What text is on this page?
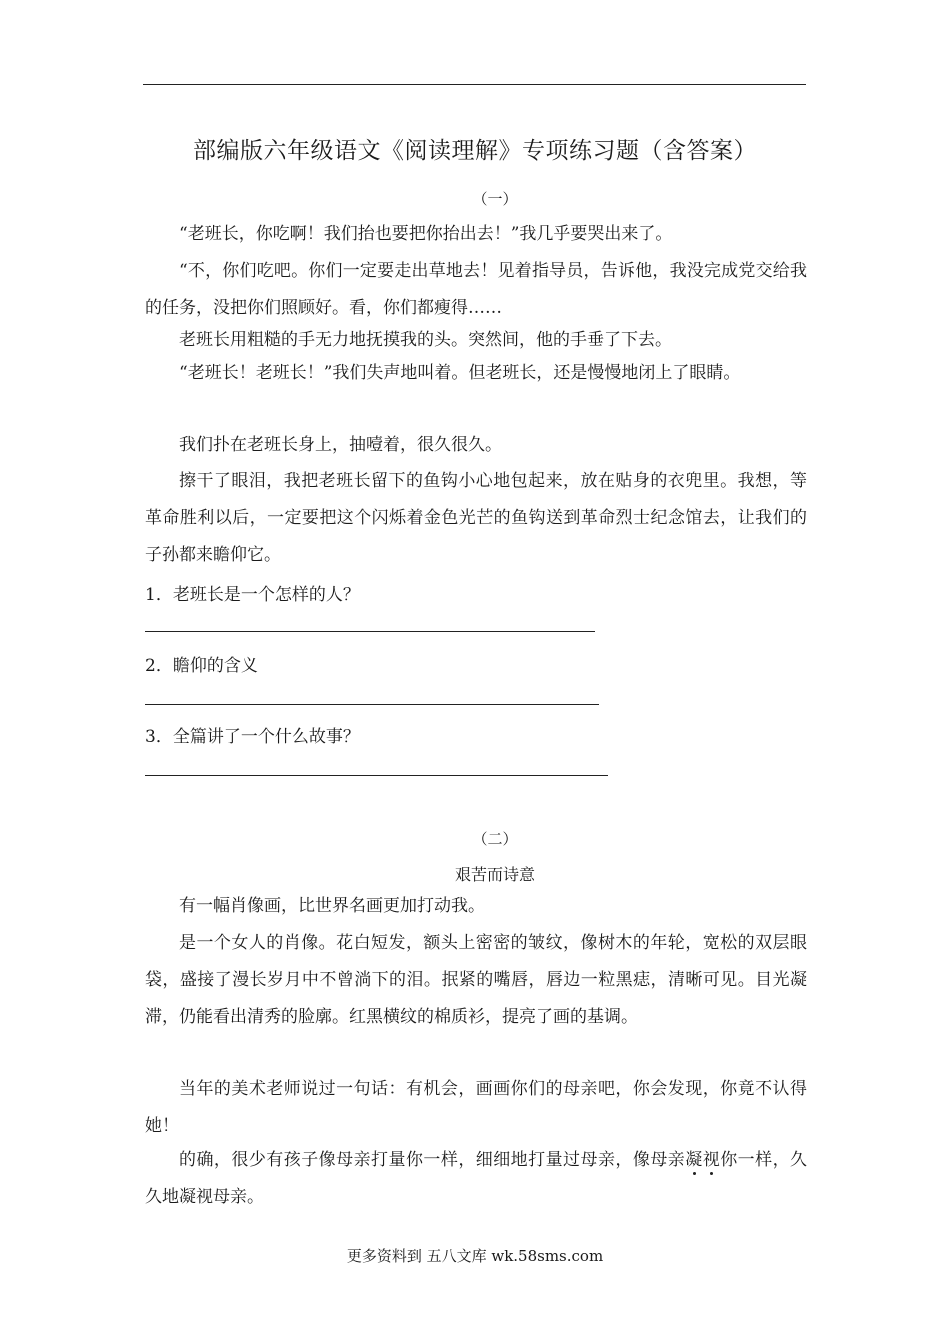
部编版六年级语文《阅读理解》专项练习题（含答案）
（一）

“老班长，你吃啊！我们抬也要把你抬出去！”我几乎要哭出来了。

“不，你们吃吧。你们一定要走出草地去！见着指导员，告诉他，我没完成党交给我的任务，没把你们照顾好。看，你们都瘦得……

老班长用粗糙的手无力地抚摸我的头。突然间，他的手垂了下去。

“老班长！老班长！”我们失声地叫着。但老班长，还是慢慢地闭上了眼睛。

我们扑在老班长身上，抽噎着，很久很久。

擦干了眼泪，我把老班长留下的鱼钩小心地包起来，放在贴身的衣兜里。我想，等革命胜利以后，一定要把这个闪烁着金色光芒的鱼钩送到革命烈士纪念馆去，让我们的子孙都来瞻仰它。

1．老班长是一个怎样的人？
2．瞻仰的含义
3．全篇讲了一个什么故事？
（二）
艰苦而诗意

有一幅肖像画，比世界名画更加打动我。

是一个女人的肖像。花白短发，额头上密密的皱纹，像树木的年轮，宽松的双层眼袋，盛接了漫长岁月中不曾淌下的泪。抿紧的嘴唇，唇边一粒黑痣，清晰可见。目光凝滞，仍能看出清秀的脸廓。红黑横纹的棉质衫，提亮了画的基调。

当年的美术老师说过一句话：有机会，画画你们的母亲吧，你会发现，你竟不认得她！

的确，很少有孩子像母亲打量你一样，细细地打量过母亲，像母亲凝视你一样，久久地凝视母亲。

更多资料到 五八文库 wk.58sms.com
